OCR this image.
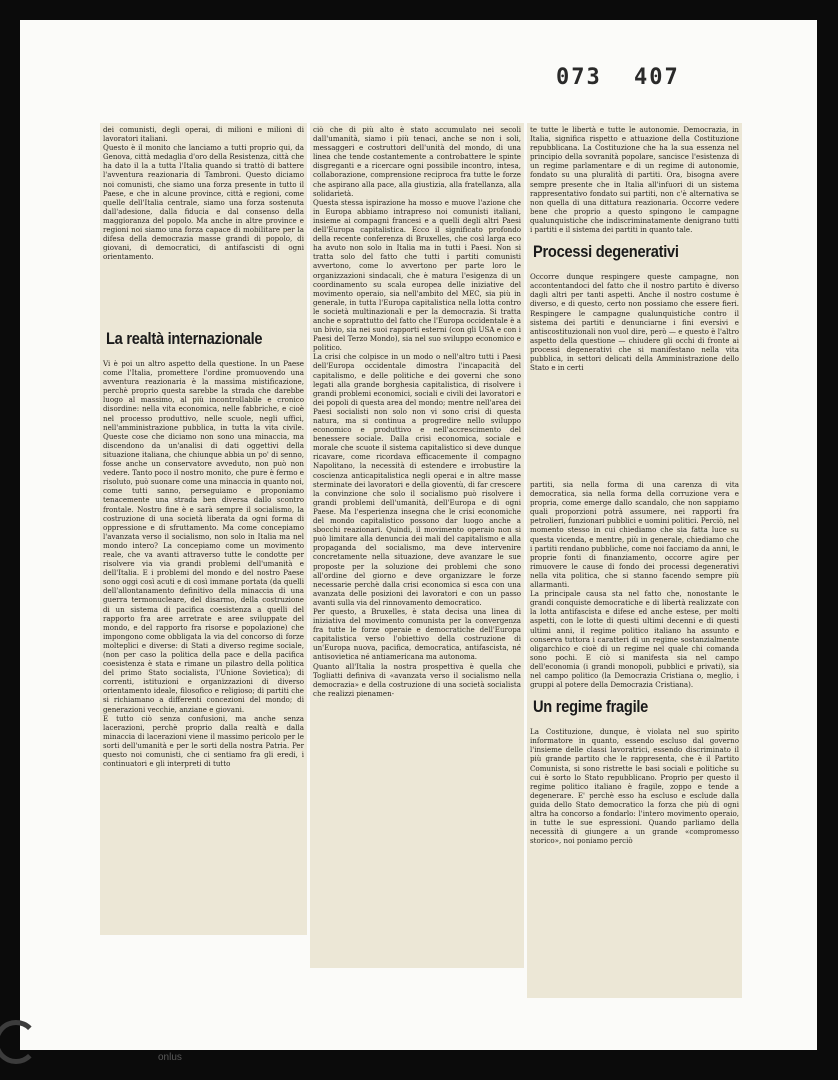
073 407
dei comunisti, degli operai, di milioni e milioni di lavoratori italiani.
Questo è il monito che lanciamo a tutti proprio qui, da Genova, città medaglia d'oro della Resistenza, città che ha dato il la a tutta l'Italia quando si trattò di battere l'avventura reazionaria di Tambroni. Questo diciamo noi comunisti, che siamo una forza presente in tutto il Paese, e che in alcune province, città e regioni, come quelle dell'Italia centrale, siamo una forza sostenuta dall'adesione, dalla fiducia e dal consenso della maggioranza del popolo. Ma anche in altre province e regioni noi siamo una forza capace di mobilitare per la difesa della democrazia masse grandi di popolo, di giovani, di democratici, di antifascisti di ogni orientamento.
La realtà internazionale
Vi è poi un altro aspetto della questione. In un Paese come l'Italia, promettere l'ordine promuovendo una avventura reazionaria è la massima mistificazione, perchè proprio questa sarebbe la strada che darebbe luogo al massimo, al più incontrollabile e cronico disordine: nella vita economica, nelle fabbriche, e cioè nel processo produttivo, nelle scuole, negli uffici, nell'amministrazione pubblica, in tutta la vita civile. Queste cose che diciamo non sono una minaccia, ma discendono da un'analisi di dati oggettivi della situazione italiana, che chiunque abbia un po' di senno, fosse anche un conservatore avveduto, non può non vedere. Tanto poco il nostro monito, che pure è fermo e risoluto, può suonare come una minaccia in quanto noi, come tutti sanno, perseguiamo e proponiamo tenacemente una strada ben diversa dallo scontro frontale. Nostro fine è e sarà sempre il socialismo, la costruzione di una società liberata da ogni forma di oppressione e di sfruttamento. Ma come concepiamo l'avanzata verso il socialismo, non solo in Italia ma nel mondo intero? La concepiamo come un movimento reale, che va avanti attraverso tutte le condotte per risolvere via via grandi problemi dell'umanità e dell'Italia. E i problemi del mondo e del nostro Paese sono oggi così acuti e di così immane portata (da quelli dell'allontanamento definitivo della minaccia di una guerra termonucleare, del disarmo, della costruzione di un sistema di pacifica coesistenza a quelli del rapporto fra aree arretrate e aree sviluppate del mondo, e del rapporto fra risorse e popolazione) che impongono come obbligata la via del concorso di forze molteplici e diverse: di Stati a diverso regime sociale, (non per caso la politica della pace e della pacifica coesistenza è stata e rimane un pilastro della politica del primo Stato socialista, l'Unione Sovietica); di correnti, istituzioni e organizzazioni di diverso orientamento ideale, filosofico e religioso; di partiti che si richiamano a differenti concezioni del mondo; di generazioni vecchie, anziane e giovani.
E tutto ciò senza confusioni, ma anche senza lacerazioni, perchè proprio dalla realtà e dalla minaccia di lacerazioni viene il massimo pericolo per le sorti dell'umanità e per le sorti della nostra Patria. Per questo noi comunisti, che ci sentiamo fra gli eredi, i continuatori e gli interpreti di tutto
ciò che di più alto è stato accumulato nei secoli dall'umanità, siamo i più tenaci, anche se non i soli, messaggeri e costruttori dell'unità del mondo, di una linea che tende costantemente a controbattere le spinte disgreganti e a ricercare ogni possibile incontro, intesa, collaborazione, comprensione reciproca fra tutte le forze che aspirano alla pace, alla giustizia, alla fratellanza, alla solidarietà.
Questa stessa ispirazione ha mosso e muove l'azione che in Europa abbiamo intrapreso noi comunisti italiani, insieme ai compagni francesi e a quelli degli altri Paesi dell'Europa capitalistica. Ecco il significato profondo della recente conferenza di Bruxelles, che così larga eco ha avuto non solo in Italia ma in tutti i Paesi. Non si tratta solo del fatto che tutti i partiti comunisti avvertono, come lo avvertono per parte loro le organizzazioni sindacali, che è matura l'esigenza di un coordinamento su scala europea delle iniziative del movimento operaio, sia nell'ambito del MEC, sia più in generale, in tutta l'Europa capitalistica nella lotta contro le società multinazionali e per la democrazia. Si tratta anche e soprattutto del fatto che l'Europa occidentale è a un bivio, sia nei suoi rapporti esterni (con gli USA e con i Paesi del Terzo Mondo), sia nel suo sviluppo economico e politico.
La crisi che colpisce in un modo o nell'altro tutti i Paesi dell'Europa occidentale dimostra l'incapacità del capitalismo, e delle politiche e dei governi che sono legati alla grande borghesia capitalistica, di risolvere i grandi problemi economici, sociali e civili dei lavoratori e dei popoli di questa area del mondo; mentre nell'area dei Paesi socialisti non solo non vi sono crisi di questa natura, ma si continua a progredire nello sviluppo economico e produttivo e nell'accrescimento del benessere sociale. Dalla crisi economica, sociale e morale che scuote il sistema capitalistico si deve dunque ricavare, come ricordava efficacemente il compagno Napolitano, la necessità di estendere e irrobustire la coscienza anticapitalistica negli operai e in altre masse sterminate dei lavoratori e della gioventù, di far crescere la convinzione che solo il socialismo può risolvere i grandi problemi dell'umanità, dell'Europa e di ogni Paese. Ma l'esperienza insegna che le crisi economiche del mondo capitalistico possono dar luogo anche a sbocchi reazionari. Quindi, il movimento operaio non si può limitare alla denuncia dei mali del capitalismo e alla propaganda del socialismo, ma deve intervenire concretamente nella situazione, deve avanzare le sue proposte per la soluzione dei problemi che sono all'ordine del giorno e deve organizzare le forze necessarie perchè dalla crisi economica si esca con una avanzata delle posizioni dei lavoratori e con un passo avanti sulla via del rinnovamento democratico.
Per questo, a Bruxelles, è stata decisa una linea di iniziativa del movimento comunista per la convergenza fra tutte le forze operaie e democratiche dell'Europa capitalistica verso l'obiettivo della costruzione di un'Europa nuova, pacifica, democratica, antifascista, né antisovietica né antiamericana ma autonoma.
Quanto all'Italia la nostra prospettiva è quella che Togliatti definiva di «avanzata verso il socialismo nella democrazia» e della costruzione di una società socialista che realizzi pienamen-
te tutte le libertà e tutte le autonomie. Democrazia, in Italia, significa rispetto e attuazione della Costituzione repubblicana. La Costituzione che ha la sua essenza nel principio della sovranità popolare, sancisce l'esistenza di un regime parlamentare e di un regime di autonomie, fondato su una pluralità di partiti. Ora, bisogna avere sempre presente che in Italia all'infuori di un sistema rappresentativo fondato sui partiti, non c'è alternativa se non quella di una dittatura reazionaria. Occorre vedere bene che proprio a questo spingono le campagne qualunquistiche che indiscriminatamente denigrano tutti i partiti e il sistema dei partiti in quanto tale.
Processi degenerativi
Occorre dunque respingere queste campagne, non accontentandoci del fatto che il nostro partito è diverso dagli altri per tanti aspetti. Anche il nostro costume è diverso, e di questo, certo non possiamo che essere fieri. Respingere le campagne qualunquistiche contro il sistema dei partiti e denunciarne i fini eversivi e antiscostituzionali non vuol dire, però — e questo è l'altro aspetto della questione — chiudere gli occhi di fronte ai processi degenerativi che si manifestano nella vita pubblica, in settori delicati della Amministrazione dello Stato e in certi
partiti, sia nella forma di una carenza di vita democratica, sia nella forma della corruzione vera e propria, come emerge dallo scandalo, che non sappiamo quali proporzioni potrà assumere, nei rapporti fra petrolieri, funzionari pubblici e uomini politici. Perciò, nel momento stesso in cui chiediamo che sia fatta luce su questa vicenda, e mentre, più in generale, chiediamo che i partiti rendano pubbliche, come noi facciamo da anni, le proprie fonti di finanziamento, occorre agire per rimuovere le cause di fondo dei processi degenerativi nella vita politica, che si stanno facendo sempre più allarmanti.
La principale causa sta nel fatto che, nonostante le grandi conquiste democratiche e di libertà realizzate con la lotta antifascista e difese ed anche estese, per molti aspetti, con le lotte di questi ultimi decenni e di questi ultimi anni, il regime politico italiano ha assunto e conserva tuttora i caratteri di un regime sostanzialmente oligarchico e cioè di un regime nel quale chi comanda sono pochi. E ciò si manifesta sia nel campo dell'economia (i grandi monopoli, pubblici e privati), sia nel campo politico (la Democrazia Cristiana o, meglio, i gruppi al potere della Democrazia Cristiana).
Un regime fragile
La Costituzione, dunque, è violata nel suo spirito informatore in quanto, essendo escluso dal governo l'insieme delle classi lavoratrici, essendo discriminato il più grande partito che le rappresenta, che è il Partito Comunista, si sono ristrette le basi sociali e politiche su cui è sorto lo Stato repubblicano. Proprio per questo il regime politico italiano è fragile, zoppo e tende a degenerare. E' perchè esso ha escluso e esclude dalla guida dello Stato democratico la forza che più di ogni altra ha concorso a fondarlo: l'intero movimento operaio, in tutte le sue espressioni. Quando parliamo della necessità di giungere a un grande «compromesso storico», noi poniamo perciò
onlus
